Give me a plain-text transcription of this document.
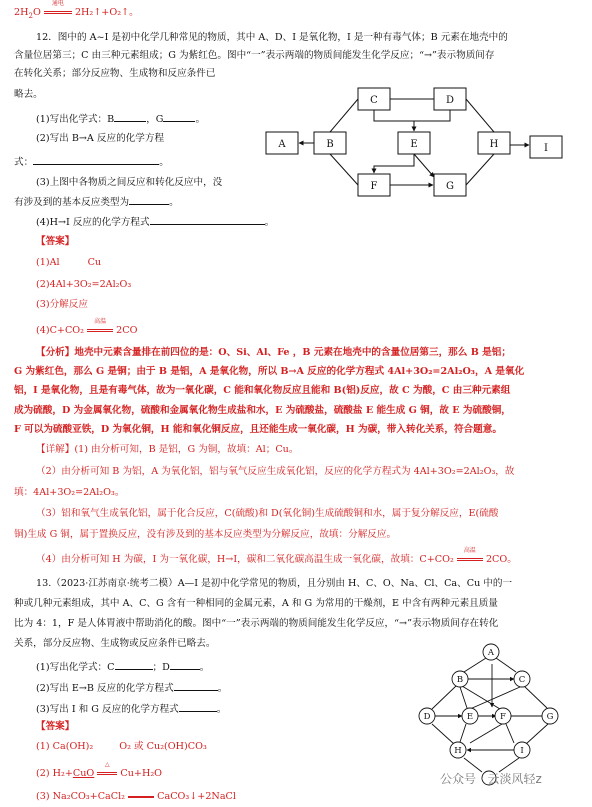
$2H_2O$
通电
2H₂↑+O₂↑。
12．图中的 A~I 是初中化学几种常见的物质，其中 A、D、I 是氧化物，I 是一种有毒气体；B 元素在地壳中的
含量位居第三；C 由三种元素组成；G 为紫红色。图中“一”表示两端的物质间能发生化学反应；“→”表示物质间存
在转化关系；部分反应物、生成物和反应条件已
略去。
(1)写出化学式：B	，G	。
(2)写出 B→A 反应的化学方程
式：	。
(3)上图中各物质之间反应和转化反应中，没
有涉及到的基本反应类型为	。
(4)H→I 反应的化学方程式	。
A	B
C	D
E
F	G
H	I
【答案】
(1)Al	Cu
(2)4Al+3O₂=2Al₂O₃
(3)分解反应
(4)C+CO₂
高温
2CO
【分析】地壳中元素含量排在前四位的是：O、Si、Al、Fe ，B 元素在地壳中的含量位居第三，那么 B 是铝；
G 为紫红色，那么 G 是铜；由于 B 是铝，A 是氧化物，所以 B→A 反应的化学方程式 4Al+3O₂=2Al₂O₃，A 是氧化
铝，I 是氧化物，且是有毒气体，故为一氧化碳，C 能和氧化物反应且能和 B(铝)反应，故 C 为酸，C 由三种元素组
成为硫酸，D 为金属氧化物，硫酸和金属氧化物生成盐和水，E 为硫酸盐，硫酸盐 E 能生成 G 铜，故 E 为硫酸铜，
F 可以为硫酸亚铁，D 为氧化铜，H 能和氧化铜反应，且还能生成一氧化碳，H 为碳，带入转化关系，符合题意。
【详解】(1) 由分析可知，B 是铝，G 为铜，故填：Al；Cu。
（2）由分析可知 B 为铝，A 为氧化铝，铝与氧气反应生成氧化铝，反应的化学方程式为 4Al+3O₂=2Al₂O₃，故
填：4Al+3O₂=2Al₂O₃。
（3）铝和氧气生成氧化铝，属于化合反应，C(硫酸)和 D(氧化铜)生成硫酸铜和水，属于复分解反应，E(硫酸
铜)生成 G 铜，属于置换反应，没有涉及到的基本反应类型为分解反应，故填：分解反应。
（4）由分析可知 H 为碳，I 为一氧化碳，H→I，碳和二氧化碳高温生成一氧化碳，故填：C+CO₂
高温
2CO。
13.（2023·江苏南京·统考二模）A—I 是初中化学常见的物质，且分别由 H、C、O、Na、Cl、Ca、Cu 中的一
种或几种元素组成，其中 A、C、G 含有一种相同的金属元素，A 和 G 为常用的干燥剂，E 中含有两种元素且质量
比为 4：1，F 是人体胃液中帮助消化的酸。图中“一”表示两端的物质间能发生化学反应，“→”表示物质间存在转化
关系，部分反应物、生成物或反应条件已略去。
(1)写出化学式：C	；D	。
(2)写出 E→B 反应的化学方程式	。
(3)写出 I 和 G 反应的化学方程式	。
【答案】
(1) Ca(OH)₂	O₂ 或 Cu₂(OH)CO₃
(2) H₂+CuO
△
Cu+H₂O
(3) Na₂CO₃+CaCl₂	CaCO₃↓+2NaCl
A
B	C
D	E	F	G
H	I
公众号 · 云淡风轻z
